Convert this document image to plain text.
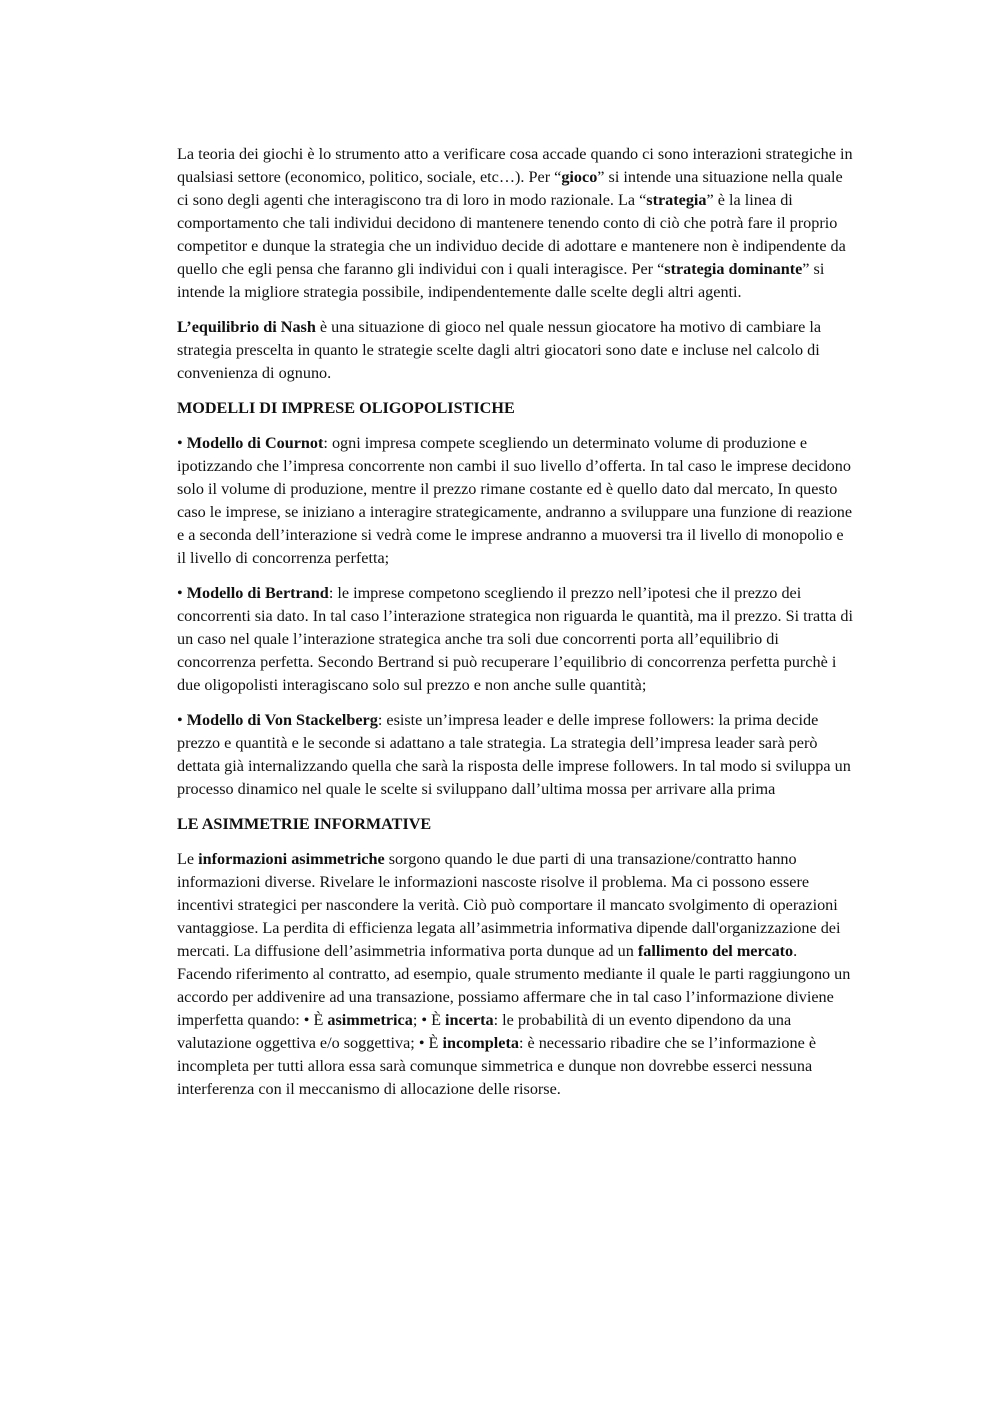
La teoria dei giochi è lo strumento atto a verificare cosa accade quando ci sono interazioni strategiche in qualsiasi settore (economico, politico, sociale, etc…). Per “gioco” si intende una situazione nella quale ci sono degli agenti che interagiscono tra di loro in modo razionale. La “strategia” è la linea di comportamento che tali individui decidono di mantenere tenendo conto di ciò che potrà fare il proprio competitor e dunque la strategia che un individuo decide di adottare e mantenere non è indipendente da quello che egli pensa che faranno gli individui con i quali interagisce. Per “strategia dominante” si intende la migliore strategia possibile, indipendentemente dalle scelte degli altri agenti.

L’equilibrio di Nash è una situazione di gioco nel quale nessun giocatore ha motivo di cambiare la strategia prescelta in quanto le strategie scelte dagli altri giocatori sono date e incluse nel calcolo di convenienza di ognuno.

MODELLI DI IMPRESE OLIGOPOLISTICHE

• Modello di Cournot: ogni impresa compete scegliendo un determinato volume di produzione e ipotizzando che l’impresa concorrente non cambi il suo livello d’offerta. In tal caso le imprese decidono solo il volume di produzione, mentre il prezzo rimane costante ed è quello dato dal mercato, In questo caso le imprese, se iniziano a interagire strategicamente, andranno a sviluppare una funzione di reazione e a seconda dell’interazione si vedrà come le imprese andranno a muoversi tra il livello di monopolio e il livello di concorrenza perfetta;

• Modello di Bertrand: le imprese competono scegliendo il prezzo nell’ipotesi che il prezzo dei concorrenti sia dato. In tal caso l’interazione strategica non riguarda le quantità, ma il prezzo. Si tratta di un caso nel quale l’interazione strategica anche tra soli due concorrenti porta all’equilibrio di concorrenza perfetta. Secondo Bertrand si può recuperare l’equilibrio di concorrenza perfetta purchè i due oligopolisti interagiscano solo sul prezzo e non anche sulle quantità;

• Modello di Von Stackelberg: esiste un’impresa leader e delle imprese followers: la prima decide prezzo e quantità e le seconde si adattano a tale strategia. La strategia dell’impresa leader sarà però dettata già internalizzando quella che sarà la risposta delle imprese followers. In tal modo si sviluppa un processo dinamico nel quale le scelte si sviluppano dall’ultima mossa per arrivare alla prima

LE ASIMMETRIE INFORMATIVE

Le informazioni asimmetriche sorgono quando le due parti di una transazione/contratto hanno informazioni diverse. Rivelare le informazioni nascoste risolve il problema. Ma ci possono essere incentivi strategici per nascondere la verità. Ciò può comportare il mancato svolgimento di operazioni vantaggiose. La perdita di efficienza legata all’asimmetria informativa dipende dall'organizzazione dei mercati. La diffusione dell’asimmetria informativa porta dunque ad un fallimento del mercato. Facendo riferimento al contratto, ad esempio, quale strumento mediante il quale le parti raggiungono un accordo per addivenire ad una transazione, possiamo affermare che in tal caso l’informazione diviene imperfetta quando: • È asimmetrica; • È incerta: le probabilità di un evento dipendono da una valutazione oggettiva e/o soggettiva; • È incompleta: è necessario ribadire che se l’informazione è incompleta per tutti allora essa sarà comunque simmetrica e dunque non dovrebbe esserci nessuna interferenza con il meccanismo di allocazione delle risorse.
